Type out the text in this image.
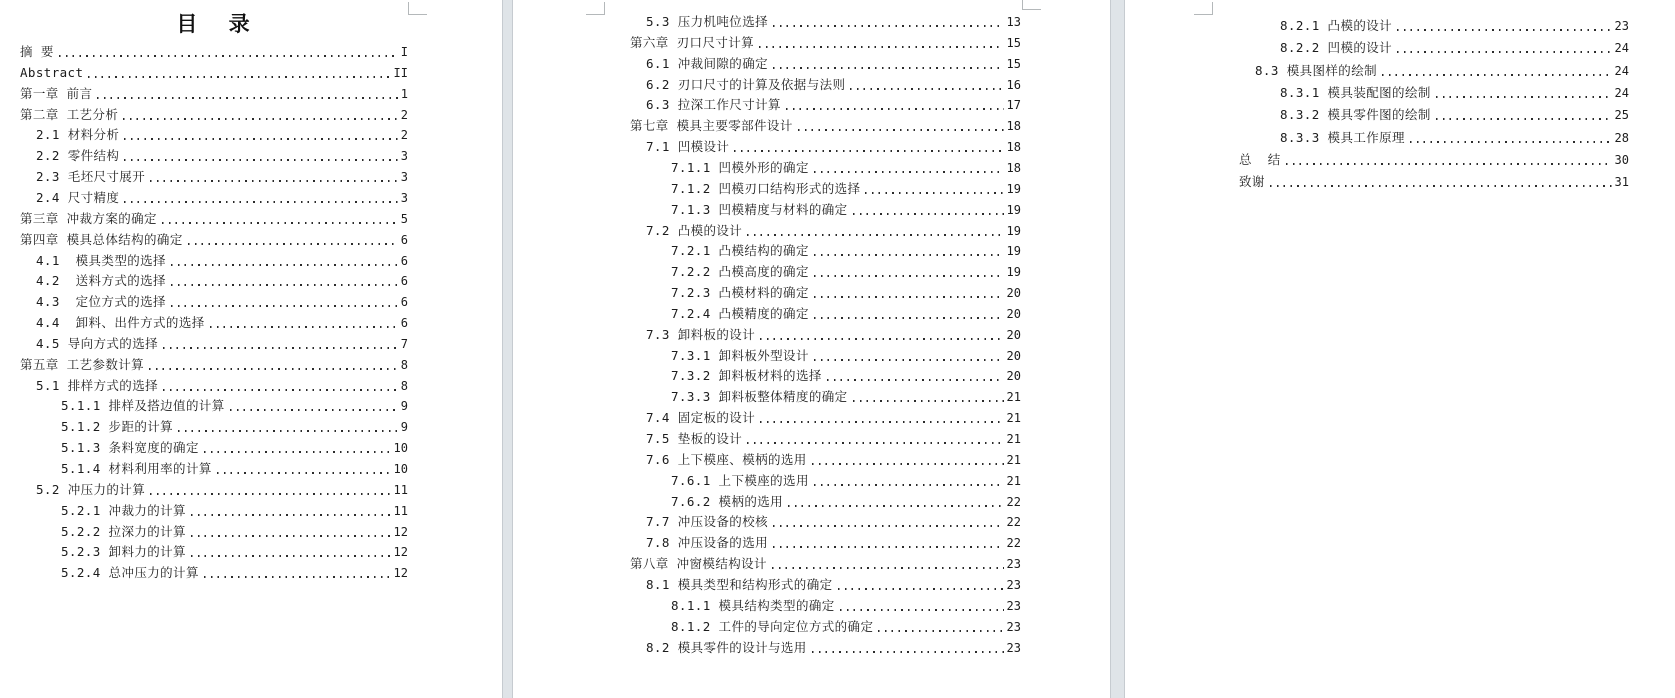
目  录
摘 要	I
Abstract	II
第一章 前言	1
第二章 工艺分析	2
2.1 材料分析	2
2.2 零件结构	3
2.3 毛坯尺寸展开	3
2.4 尺寸精度	3
第三章 冲裁方案的确定	5
第四章 模具总体结构的确定	6
4.1  模具类型的选择	6
4.2  送料方式的选择	6
4.3  定位方式的选择	6
4.4  卸料、出件方式的选择	6
4.5 导向方式的选择	7
第五章 工艺参数计算	8
5.1 排样方式的选择	8
5.1.1 排样及搭边值的计算	9
5.1.2 步距的计算	9
5.1.3 条料宽度的确定	10
5.1.4 材料利用率的计算	10
5.2 冲压力的计算	11
5.2.1 冲裁力的计算	11
5.2.2 拉深力的计算	12
5.2.3 卸料力的计算	12
5.2.4 总冲压力的计算	12
5.3 压力机吨位选择	13
第六章 刃口尺寸计算	15
6.1 冲裁间隙的确定	15
6.2 刃口尺寸的计算及依据与法则	16
6.3 拉深工作尺寸计算	17
第七章 模具主要零部件设计	18
7.1 凹模设计	18
7.1.1 凹模外形的确定	18
7.1.2 凹模刃口结构形式的选择	19
7.1.3 凹模精度与材料的确定	19
7.2 凸模的设计	19
7.2.1 凸模结构的确定	19
7.2.2 凸模高度的确定	19
7.2.3 凸模材料的确定	20
7.2.4 凸模精度的确定	20
7.3 卸料板的设计	20
7.3.1 卸料板外型设计	20
7.3.2 卸料板材料的选择	20
7.3.3 卸料板整体精度的确定	21
7.4 固定板的设计	21
7.5 垫板的设计	21
7.6 上下模座、模柄的选用	21
7.6.1 上下模座的选用	21
7.6.2 模柄的选用	22
7.7 冲压设备的校核	22
7.8 冲压设备的选用	22
第八章 冲窗模结构设计	23
8.1 模具类型和结构形式的确定	23
8.1.1 模具结构类型的确定	23
8.1.2 工件的导向定位方式的确定	23
8.2 模具零件的设计与选用	23
8.2.1 凸模的设计	23
8.2.2 凹模的设计	24
8.3 模具图样的绘制	24
8.3.1 模具装配图的绘制	24
8.3.2 模具零件图的绘制	25
8.3.3 模具工作原理	28
总  结	30
致谢	31
